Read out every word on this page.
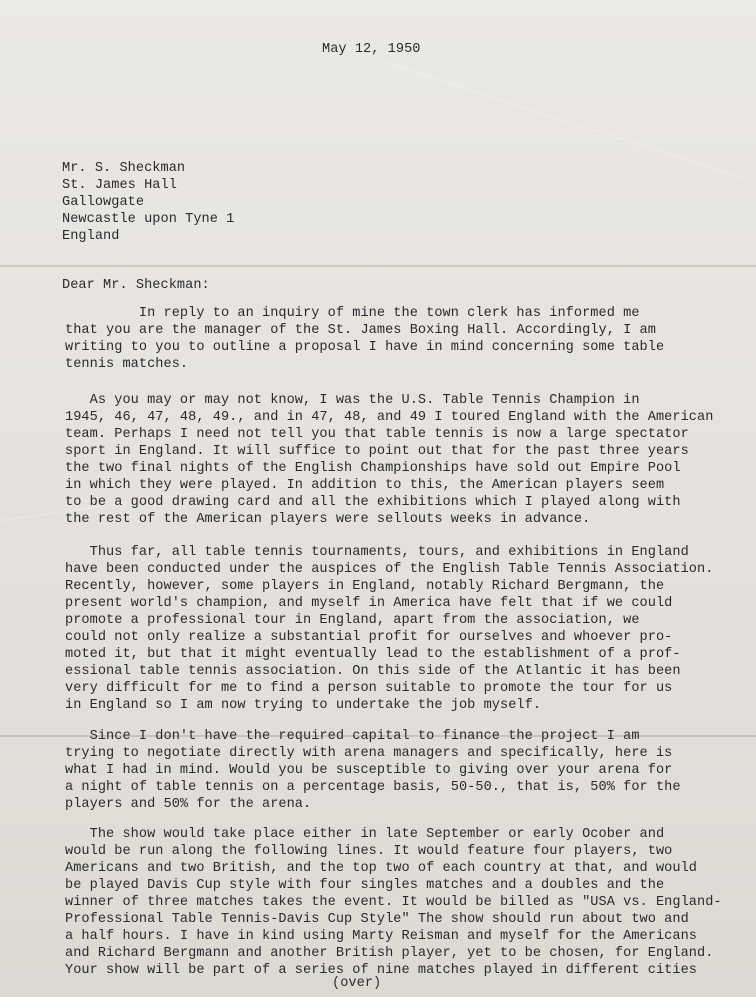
May 12, 1950
Mr. S. Sheckman
St. James Hall
Gallowgate
Newcastle upon Tyne 1
England
Dear Mr. Sheckman:
In reply to an inquiry of mine the town clerk has informed me
that you are the manager of the St. James Boxing Hall. Accordingly, I am
writing to you to outline a proposal I have in mind concerning some table
tennis matches.
As you may or may not know, I was the U.S. Table Tennis Champion in
1945, 46, 47, 48, 49., and in 47, 48, and 49 I toured England with the American
team. Perhaps I need not tell you that table tennis is now a large spectator
sport in England. It will suffice to point out that for the past three years
the two final nights of the English Championships have sold out Empire Pool
in which they were played. In addition to this, the American players seem
to be a good drawing card and all the exhibitions which I played along with
the rest of the American players were sellouts weeks in advance.
Thus far, all table tennis tournaments, tours, and exhibitions in England
have been conducted under the auspices of the English Table Tennis Association.
Recently, however, some players in England, notably Richard Bergmann, the
present world's champion, and myself in America have felt that if we could
promote a professional tour in England, apart from the association, we
could not only realize a substantial profit for ourselves and whoever pro-
moted it, but that it might eventually lead to the establishment of a prof-
essional table tennis association. On this side of the Atlantic it has been
very difficult for me to find a person suitable to promote the tour for us
in England so I am now trying to undertake the job myself.
Since I don't have the required capital to finance the project I am
trying to negotiate directly with arena managers and specifically, here is
what I had in mind. Would you be susceptible to giving over your arena for
a night of table tennis on a percentage basis, 50-50., that is, 50% for the
players and 50% for the arena.
The show would take place either in late September or early Ocober and
would be run along the following lines. It would feature four players, two
Americans and two British, and the top two of each country at that, and would
be played Davis Cup style with four singles matches and a doubles and the
winner of three matches takes the event. It would be billed as "USA vs. England-
Professional Table Tennis-Davis Cup Style" The show should run about two and
a half hours. I have in kind using Marty Reisman and myself for the Americans
and Richard Bergmann and another British player, yet to be chosen, for England.
Your show will be part of a series of nine matches played in different cities
(over)
